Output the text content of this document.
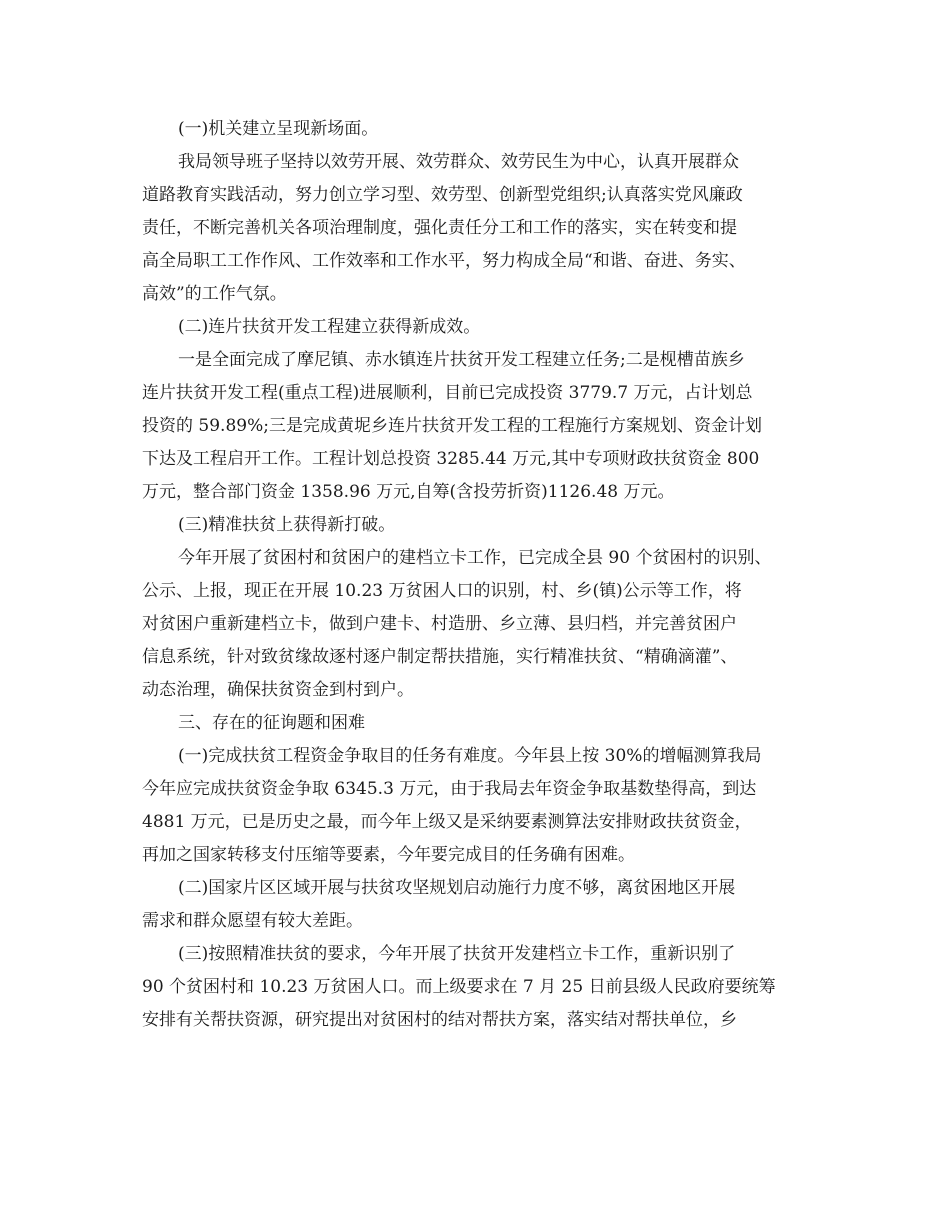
(一)机关建立呈现新场面。

我局领导班子坚持以效劳开展、效劳群众、效劳民生为中心，认真开展群众
道路教育实践活动，努力创立学习型、效劳型、创新型党组织;认真落实党风廉政
责任，不断完善机关各项治理制度，强化责任分工和工作的落实，实在转变和提
高全局职工工作作风、工作效率和工作水平，努力构成全局“和谐、奋进、务实、
高效”的工作气氛。

(二)连片扶贫开发工程建立获得新成效。

一是全面完成了摩尼镇、赤水镇连片扶贫开发工程建立任务;二是枧槽苗族乡
连片扶贫开发工程(重点工程)进展顺利，目前已完成投资 3779.7 万元，占计划总
投资的 59.89%;三是完成黄坭乡连片扶贫开发工程的工程施行方案规划、资金计划
下达及工程启开工作。工程计划总投资 3285.44 万元,其中专项财政扶贫资金 800
万元，整合部门资金 1358.96 万元,自筹(含投劳折资)1126.48 万元。

(三)精准扶贫上获得新打破。

今年开展了贫困村和贫困户的建档立卡工作，已完成全县 90 个贫困村的识别、
公示、上报，现正在开展 10.23 万贫困人口的识别，村、乡(镇)公示等工作，将
对贫困户重新建档立卡，做到户建卡、村造册、乡立薄、县归档，并完善贫困户
信息系统，针对致贫缘故逐村逐户制定帮扶措施，实行精准扶贫、“精确滴灌”、
动态治理，确保扶贫资金到村到户。

三、存在的征询题和困难

(一)完成扶贫工程资金争取目的任务有难度。今年县上按 30%的增幅测算我局
今年应完成扶贫资金争取 6345.3 万元，由于我局去年资金争取基数垫得高，到达
4881 万元，已是历史之最，而今年上级又是采纳要素测算法安排财政扶贫资金，
再加之国家转移支付压缩等要素，今年要完成目的任务确有困难。

(二)国家片区区域开展与扶贫攻坚规划启动施行力度不够，离贫困地区开展
需求和群众愿望有较大差距。

(三)按照精准扶贫的要求，今年开展了扶贫开发建档立卡工作，重新识别了
90 个贫困村和 10.23 万贫困人口。而上级要求在 7 月 25 日前县级人民政府要统筹
安排有关帮扶资源，研究提出对贫困村的结对帮扶方案，落实结对帮扶单位，乡
